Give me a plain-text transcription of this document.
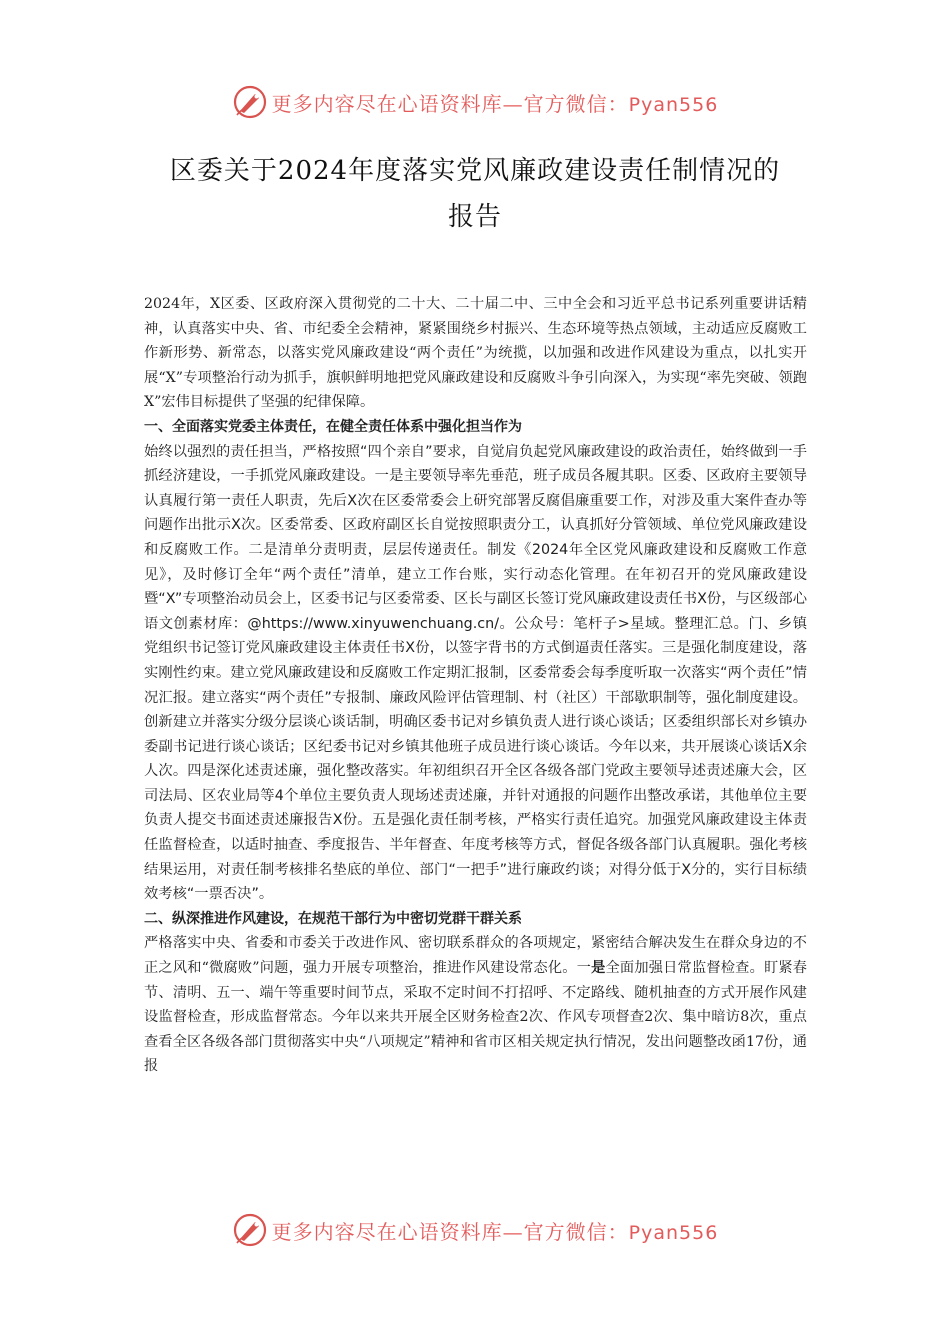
更多内容尽在心语资料库—官方微信：Pyan556
区委关于2024年度落实党风廉政建设责任制情况的
报告

2024年，X区委、区政府深入贯彻党的二十大、二十届二中、三中全会和习近平总书记系列重要讲话精神，认真落实中央、省、市纪委全会精神，紧紧围绕乡村振兴、生态环境等热点领域，主动适应反腐败工作新形势、新常态，以落实党风廉政建设“两个责任”为统揽，以加强和改进作风建设为重点，以扎实开展“X”专项整治行动为抓手，旗帜鲜明地把党风廉政建设和反腐败斗争引向深入，为实现“率先突破、领跑X”宏伟目标提供了坚强的纪律保障。

一、全面落实党委主体责任，在健全责任体系中强化担当作为

始终以强烈的责任担当，严格按照“四个亲自”要求，自觉肩负起党风廉政建设的政治责任，始终做到一手抓经济建设，一手抓党风廉政建设。一是主要领导率先垂范，班子成员各履其职。区委、区政府主要领导认真履行第一责任人职责，先后X次在区委常委会上研究部署反腐倡廉重要工作，对涉及重大案件查办等问题作出批示X次。区委常委、区政府副区长自觉按照职责分工，认真抓好分管领域、单位党风廉政建设和反腐败工作。二是清单分责明责，层层传递责任。制发《2024年全区党风廉政建设和反腐败工作意见》，及时修订全年“两个责任”清单，建立工作台账，实行动态化管理。在年初召开的党风廉政建设暨“X”专项整治动员会上，区委书记与区委常委、区长与副区长签订党风廉政建设责任书X份，与区级部心语文创素材库：@https://www.xinyuwenchuang.cn/。公众号：笔杆子>星域。整理汇总。门、乡镇党组织书记签订党风廉政建设主体责任书X份，以签字背书的方式倒逼责任落实。三是强化制度建设，落实刚性约束。建立党风廉政建设和反腐败工作定期汇报制，区委常委会每季度听取一次落实“两个责任”情况汇报。建立落实“两个责任”专报制、廉政风险评估管理制、村（社区）干部歇职制等，强化制度建设。创新建立并落实分级分层谈心谈话制，明确区委书记对乡镇负责人进行谈心谈话；区委组织部长对乡镇办委副书记进行谈心谈话；区纪委书记对乡镇其他班子成员进行谈心谈话。今年以来，共开展谈心谈话X余人次。四是深化述责述廉，强化整改落实。年初组织召开全区各级各部门党政主要领导述责述廉大会，区司法局、区农业局等4个单位主要负责人现场述责述廉，并针对通报的问题作出整改承诺，其他单位主要负责人提交书面述责述廉报告X份。五是强化责任制考核，严格实行责任追究。加强党风廉政建设主体责任监督检查，以适时抽查、季度报告、半年督查、年度考核等方式，督促各级各部门认真履职。强化考核结果运用，对责任制考核排名垫底的单位、部门“一把手”进行廉政约谈；对得分低于X分的，实行目标绩效考核“一票否决”。

二、纵深推进作风建设，在规范干部行为中密切党群干群关系

严格落实中央、省委和市委关于改进作风、密切联系群众的各项规定，紧密结合解决发生在群众身边的不正之风和“微腐败”问题，强力开展专项整治，推进作风建设常态化。一是全面加强日常监督检查。盯紧春节、清明、五一、端午等重要时间节点，采取不定时间不打招呼、不定路线、随机抽查的方式开展作风建设监督检查，形成监督常态。今年以来共开展全区财务检查2次、作风专项督查2次、集中暗访8次，重点查看全区各级各部门贯彻落实中央“八项规定”精神和省市区相关规定执行情况，发出问题整改函17份，通报

更多内容尽在心语资料库—官方微信：Pyan556
